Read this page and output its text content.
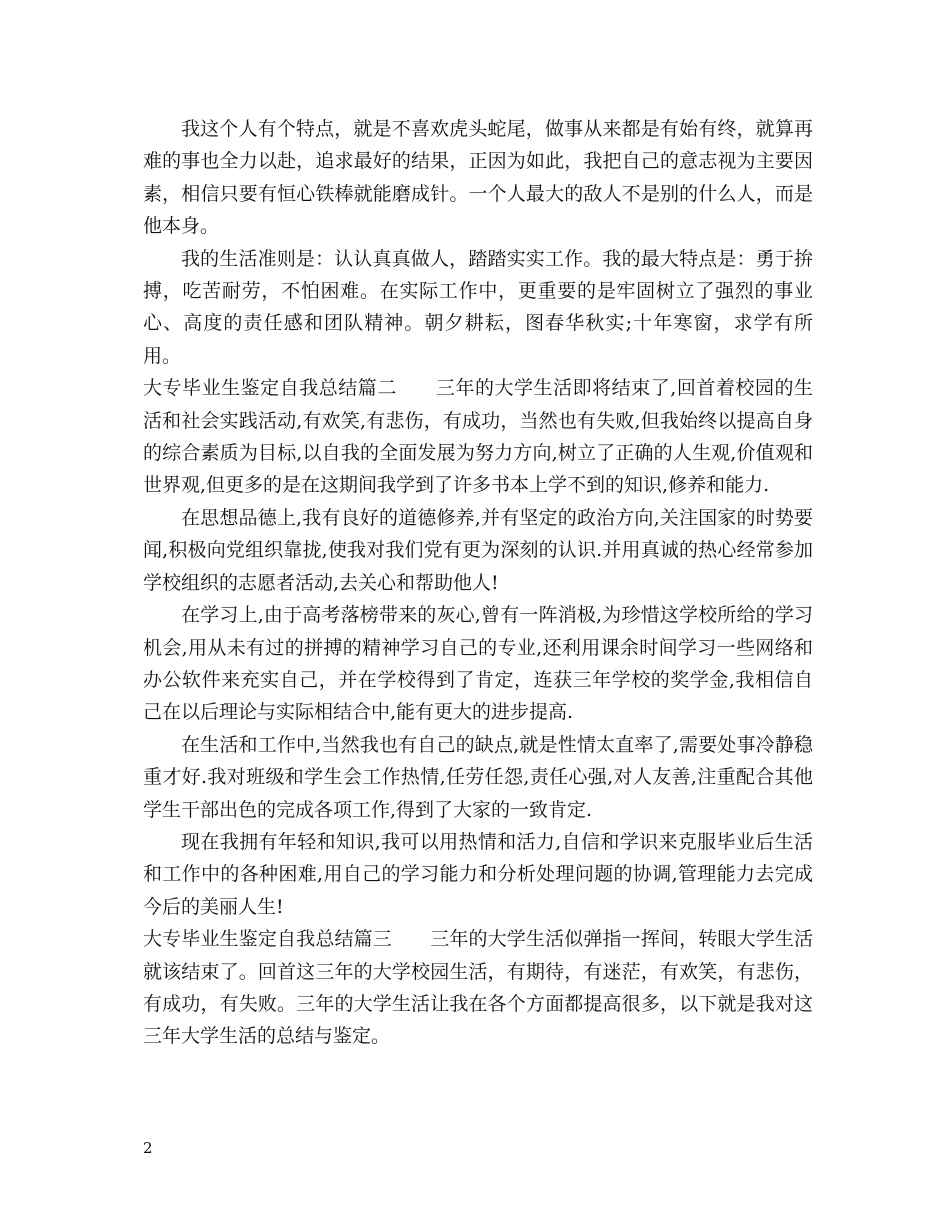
我这个人有个特点，就是不喜欢虎头蛇尾，做事从来都是有始有终，就算再难的事也全力以赴，追求最好的结果，正因为如此，我把自己的意志视为主要因素，相信只要有恒心铁棒就能磨成针。一个人最大的敌人不是别的什么人，而是他本身。

我的生活准则是：认认真真做人，踏踏实实工作。我的最大特点是：勇于拚搏，吃苦耐劳，不怕困难。在实际工作中，更重要的是牢固树立了强烈的事业心、高度的责任感和团队精神。朝夕耕耘，图春华秋实;十年寒窗，求学有所用。

大专毕业生鉴定自我总结篇二　　三年的大学生活即将结束了,回首着校园的生活和社会实践活动,有欢笑,有悲伤，有成功，当然也有失败,但我始终以提高自身的综合素质为目标,以自我的全面发展为努力方向,树立了正确的人生观,价值观和世界观,但更多的是在这期间我学到了许多书本上学不到的知识,修养和能力.

在思想品德上,我有良好的道德修养,并有坚定的政治方向,关注国家的时势要闻,积极向党组织靠拢,使我对我们党有更为深刻的认识.并用真诚的热心经常参加学校组织的志愿者活动,去关心和帮助他人!

在学习上,由于高考落榜带来的灰心,曾有一阵消极,为珍惜这学校所给的学习机会,用从未有过的拼搏的精神学习自己的专业,还利用课余时间学习一些网络和办公软件来充实自己，并在学校得到了肯定，连获三年学校的奖学金,我相信自己在以后理论与实际相结合中,能有更大的进步提高.

在生活和工作中,当然我也有自己的缺点,就是性情太直率了,需要处事冷静稳重才好.我对班级和学生会工作热情,任劳任怨,责任心强,对人友善,注重配合其他学生干部出色的完成各项工作,得到了大家的一致肯定.

现在我拥有年轻和知识,我可以用热情和活力,自信和学识来克服毕业后生活和工作中的各种困难,用自己的学习能力和分析处理问题的协调,管理能力去完成今后的美丽人生!

大专毕业生鉴定自我总结篇三　　三年的大学生活似弹指一挥间，转眼大学生活就该结束了。回首这三年的大学校园生活，有期待，有迷茫，有欢笑，有悲伤，有成功，有失败。三年的大学生活让我在各个方面都提高很多，以下就是我对这三年大学生活的总结与鉴定。

2
